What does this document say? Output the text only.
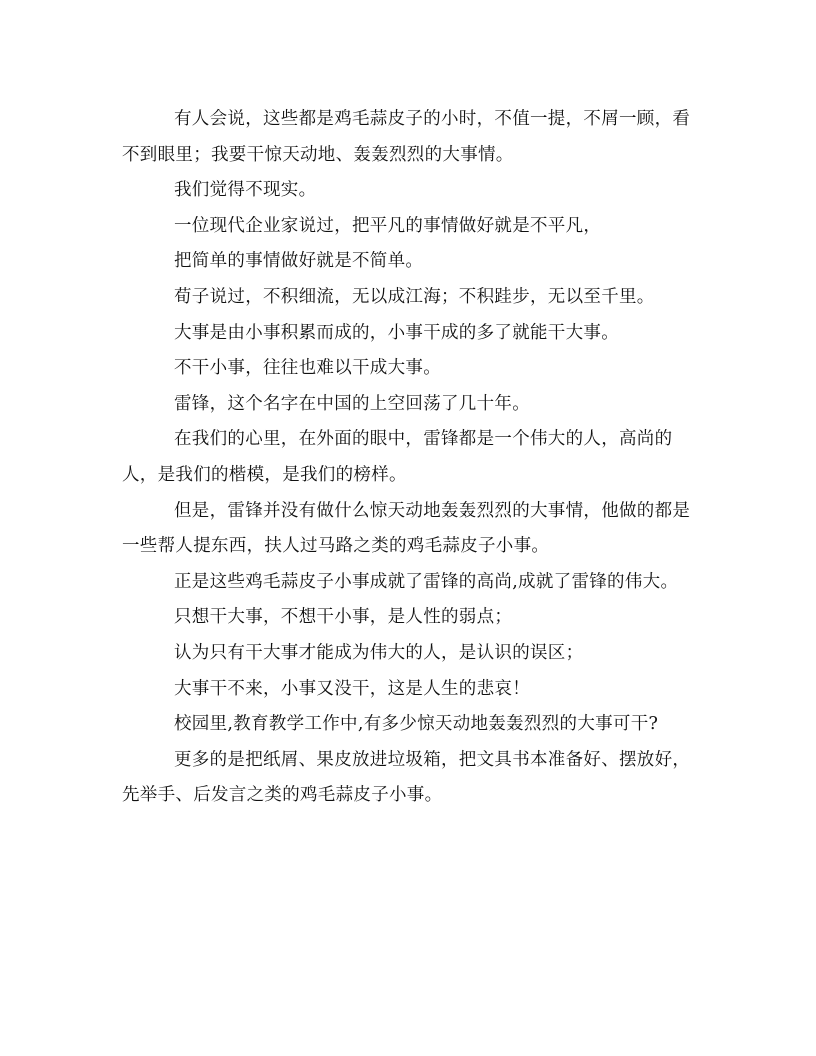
有人会说，这些都是鸡毛蒜皮子的小时，不值一提，不屑一顾，看不到眼里；我要干惊天动地、轰轰烈烈的大事情。

我们觉得不现实。

一位现代企业家说过，把平凡的事情做好就是不平凡，

把简单的事情做好就是不简单。

荀子说过，不积细流，无以成江海；不积跬步，无以至千里。

大事是由小事积累而成的，小事干成的多了就能干大事。

不干小事，往往也难以干成大事。

雷锋，这个名字在中国的上空回荡了几十年。

在我们的心里，在外面的眼中，雷锋都是一个伟大的人，高尚的人，是我们的楷模，是我们的榜样。

但是，雷锋并没有做什么惊天动地轰轰烈烈的大事情，他做的都是一些帮人提东西，扶人过马路之类的鸡毛蒜皮子小事。

正是这些鸡毛蒜皮子小事成就了雷锋的高尚,成就了雷锋的伟大。

只想干大事，不想干小事，是人性的弱点；

认为只有干大事才能成为伟大的人，是认识的误区；

大事干不来，小事又没干，这是人生的悲哀！

校园里,教育教学工作中,有多少惊天动地轰轰烈烈的大事可干?

更多的是把纸屑、果皮放进垃圾箱，把文具书本准备好、摆放好，先举手、后发言之类的鸡毛蒜皮子小事。
